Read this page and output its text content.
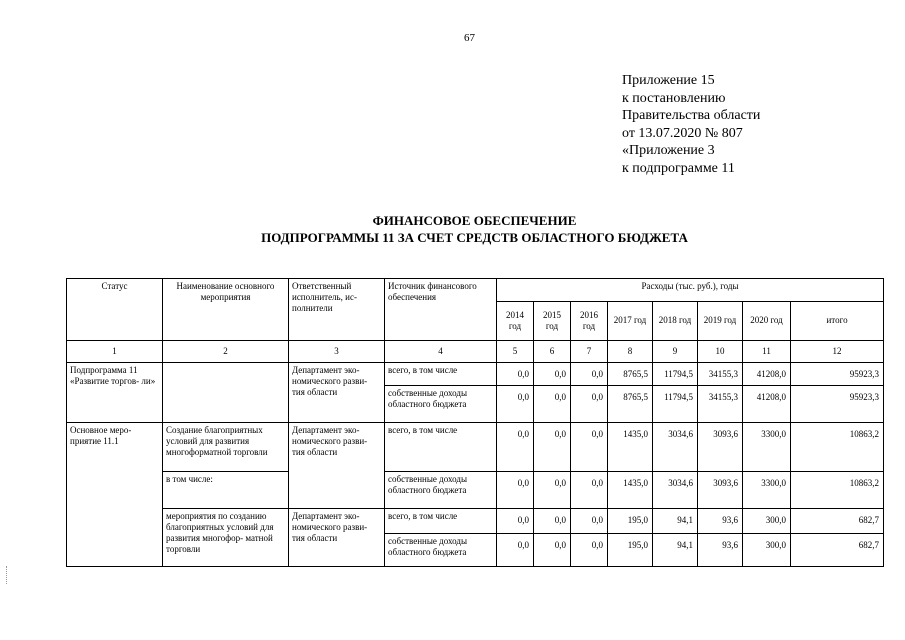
67
Приложение 15
к постановлению
Правительства области
от 13.07.2020 № 807
«Приложение 3
к подпрограмме 11
ФИНАНСОВОЕ ОБЕСПЕЧЕНИЕ
ПОДПРОГРАММЫ 11 ЗА СЧЕТ СРЕДСТВ ОБЛАСТНОГО БЮДЖЕТА
Статус	Наименование основного мероприятия	Ответственный исполнитель, ис- полнители	Источник финансового обеспечения	Расходы (тыс. руб.), годы							
				2014 год	2015 год	2016 год	2017 год	2018 год	2019 год	2020 год	итого
1	2	3	4	5	6	7	8	9	10	11	12
Подпрограмма 11 «Развитие торгов- ли»		Департамент эко- номического разви- тия области	всего, в том числе	0,0	0,0	0,0	8765,5	11794,5	34155,3	41208,0	95923,3
			собственные доходы областного бюджета	0,0	0,0	0,0	8765,5	11794,5	34155,3	41208,0	95923,3
Основное меро- приятие 11.1	Создание благоприятных условий для развития многоформатной торговли	Департамент эко- номического разви- тия области	всего, в том числе	0,0	0,0	0,0	1435,0	3034,6	3093,6	3300,0	10863,2
	в том числе:		собственные доходы областного бюджета	0,0	0,0	0,0	1435,0	3034,6	3093,6	3300,0	10863,2
	мероприятия по созданию благоприятных условий для развития многофор- матной торговли	Департамент эко- номического разви- тия области	всего, в том числе	0,0	0,0	0,0	195,0	94,1	93,6	300,0	682,7
			собственные доходы областного бюджета	0,0	0,0	0,0	195,0	94,1	93,6	300,0	682,7
